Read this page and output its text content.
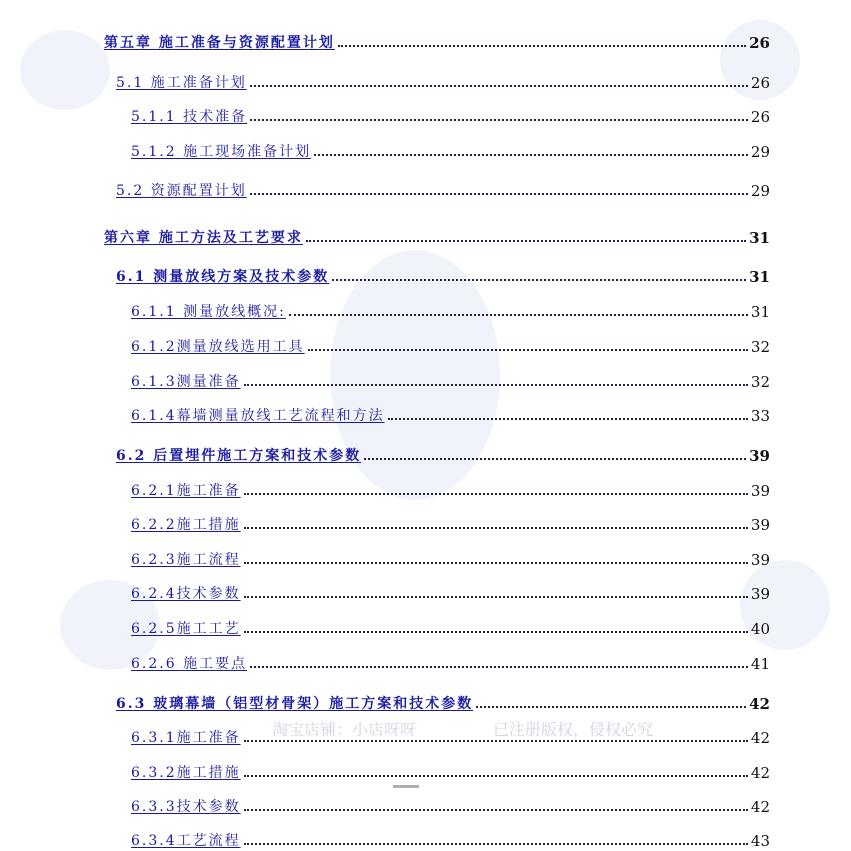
淘宝店铺：小店呀呀	已注册版权，侵权必究
第五章 施工准备与资源配置计划	26
5.1 施工准备计划	26
5.1.1 技术准备	26
5.1.2 施工现场准备计划	29
5.2 资源配置计划	29
第六章 施工方法及工艺要求	31
6.1 测量放线方案及技术参数	31
6.1.1 测量放线概况:	31
6.1.2测量放线选用工具	32
6.1.3测量准备	32
6.1.4幕墙测量放线工艺流程和方法	33
6.2 后置埋件施工方案和技术参数	39
6.2.1施工准备	39
6.2.2施工措施	39
6.2.3施工流程	39
6.2.4技术参数	39
6.2.5施工工艺	40
6.2.6 施工要点	41
6.3 玻璃幕墙（铝型材骨架）施工方案和技术参数	42
6.3.1施工准备	42
6.3.2施工措施	42
6.3.3技术参数	42
6.3.4工艺流程	43
